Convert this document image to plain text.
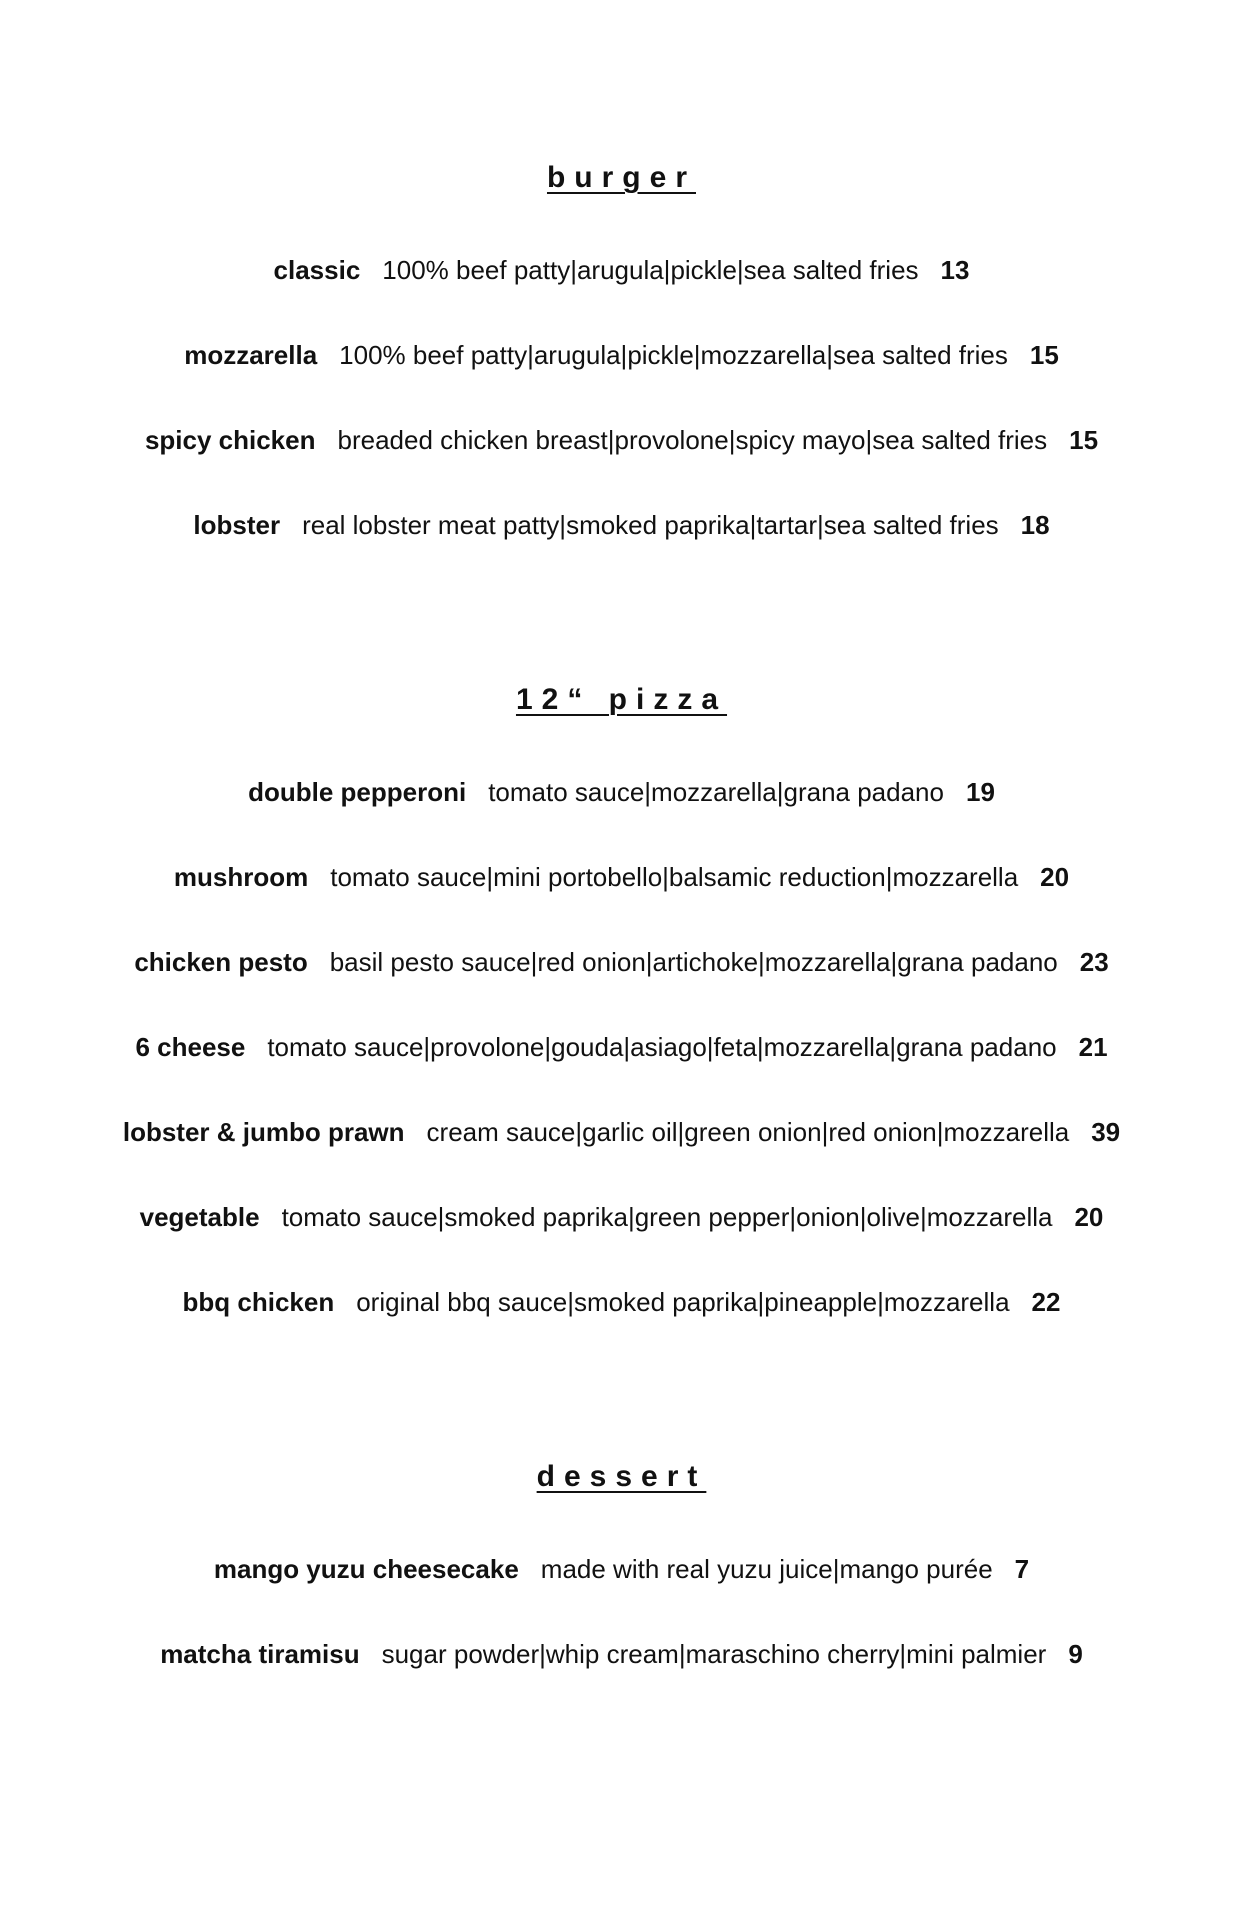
burger
classic 100% beef patty|arugula|pickle|sea salted fries 13
mozzarella 100% beef patty|arugula|pickle|mozzarella|sea salted fries 15
spicy chicken breaded chicken breast|provolone|spicy mayo|sea salted fries 15
lobster real lobster meat patty|smoked paprika|tartar|sea salted fries 18
12“ pizza
double pepperoni tomato sauce|mozzarella|grana padano 19
mushroom tomato sauce|mini portobello|balsamic reduction|mozzarella 20
chicken pesto basil pesto sauce|red onion|artichoke|mozzarella|grana padano 23
6 cheese tomato sauce|provolone|gouda|asiago|feta|mozzarella|grana padano 21
lobster & jumbo prawn cream sauce|garlic oil|green onion|red onion|mozzarella 39
vegetable tomato sauce|smoked paprika|green pepper|onion|olive|mozzarella 20
bbq chicken original bbq sauce|smoked paprika|pineapple|mozzarella 22
dessert
mango yuzu cheesecake made with real yuzu juice|mango purée 7
matcha tiramisu sugar powder|whip cream|maraschino cherry|mini palmier 9
